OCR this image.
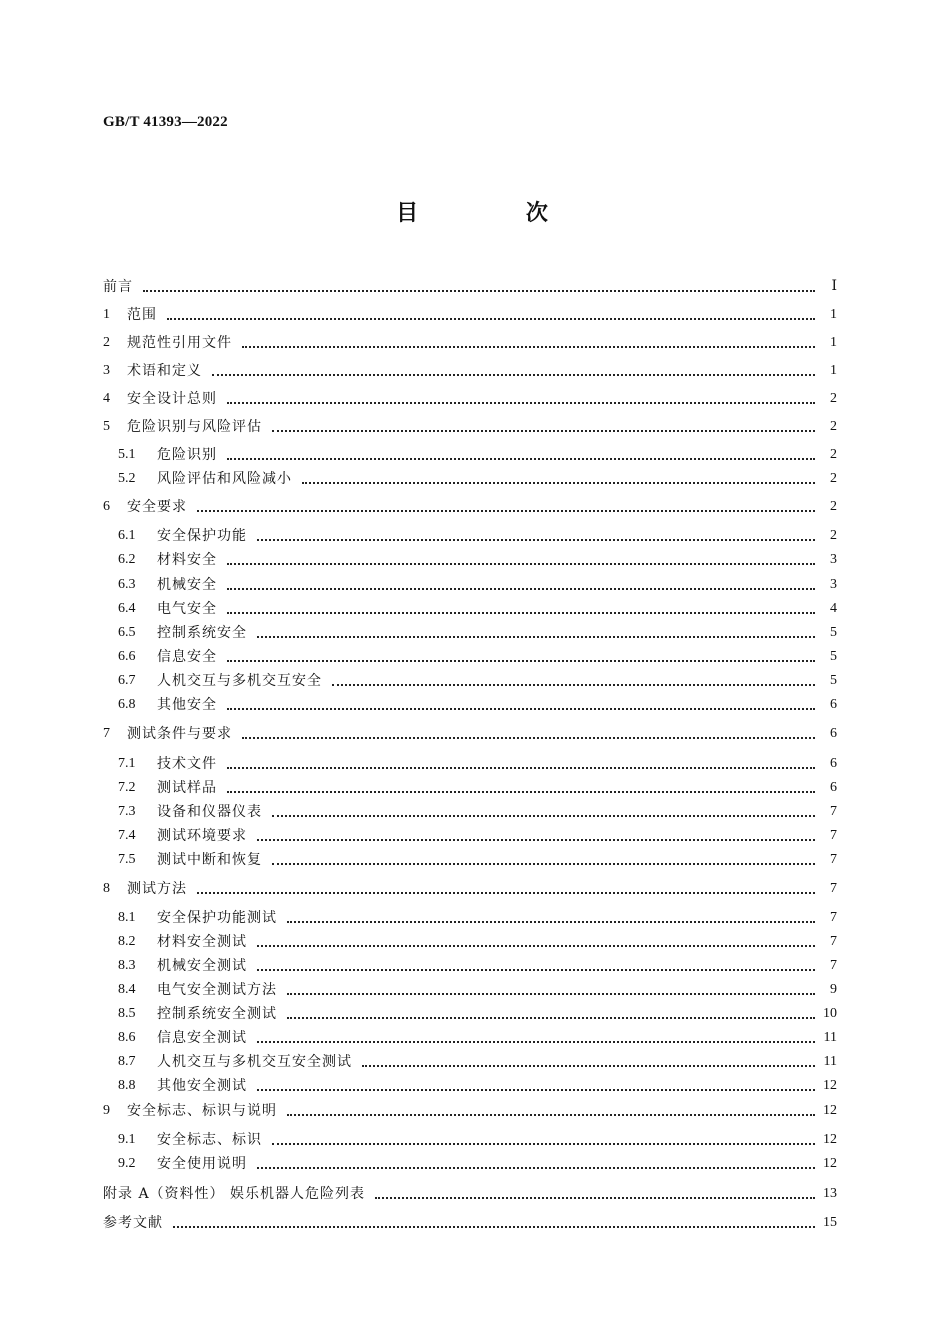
GB/T 41393—2022
目 次
前言	Ⅰ
1	范围	1
2	规范性引用文件	1
3	术语和定义	1
4	安全设计总则	2
5	危险识别与风险评估	2
5.1	危险识别	2
5.2	风险评估和风险减小	2
6	安全要求	2
6.1	安全保护功能	2
6.2	材料安全	3
6.3	机械安全	3
6.4	电气安全	4
6.5	控制系统安全	5
6.6	信息安全	5
6.7	人机交互与多机交互安全	5
6.8	其他安全	6
7	测试条件与要求	6
7.1	技术文件	6
7.2	测试样品	6
7.3	设备和仪器仪表	7
7.4	测试环境要求	7
7.5	测试中断和恢复	7
8	测试方法	7
8.1	安全保护功能测试	7
8.2	材料安全测试	7
8.3	机械安全测试	7
8.4	电气安全测试方法	9
8.5	控制系统安全测试	10
8.6	信息安全测试	11
8.7	人机交互与多机交互安全测试	11
8.8	其他安全测试	12
9	安全标志、标识与说明	12
9.1	安全标志、标识	12
9.2	安全使用说明	12
附录 A（资料性） 娱乐机器人危险列表	13
参考文献	15
